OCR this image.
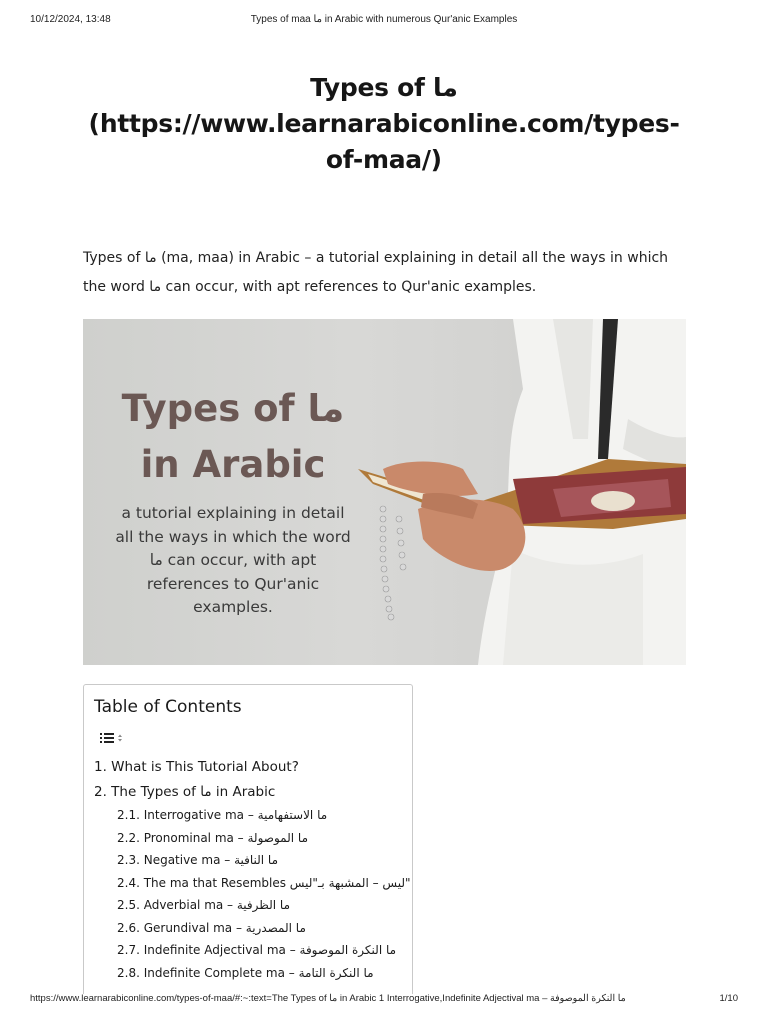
10/12/2024, 13:48	Types of maa ما in Arabic with numerous Qur'anic Examples
Types of ما (https://www.learnarabiconline.com/types-of-maa/)

Types of ما (ma, maa) in Arabic – a tutorial explaining in detail all the ways in which the word ما can occur, with apt references to Qur'anic examples.

Types of ما
in Arabic
a tutorial explaining in detail
all the ways in which the word
ما can occur, with apt
references to Qur'anic
examples.
Table of Contents
1. What is This Tutorial About?
2. The Types of ما in Arabic
2.1. Interrogative ma – ما الاستفهامية
2.2. Pronominal ma – ما الموصولة
2.3. Negative ma – ما النافية
2.4. The ma that Resembles ليس – المشبهة بـ"ليس"
2.5. Adverbial ma – ما الظرفية
2.6. Gerundival ma – ما المصدرية
2.7. Indefinite Adjectival ma – ما النكرة الموصوفة
2.8. Indefinite Complete ma – ما النكرة التامة
https://www.learnarabiconline.com/types-of-maa/#:~:text=The Types of ما in Arabic 1 Interrogative,Indefinite Adjectival ma – ما النكرة الموصوفة	1/10
